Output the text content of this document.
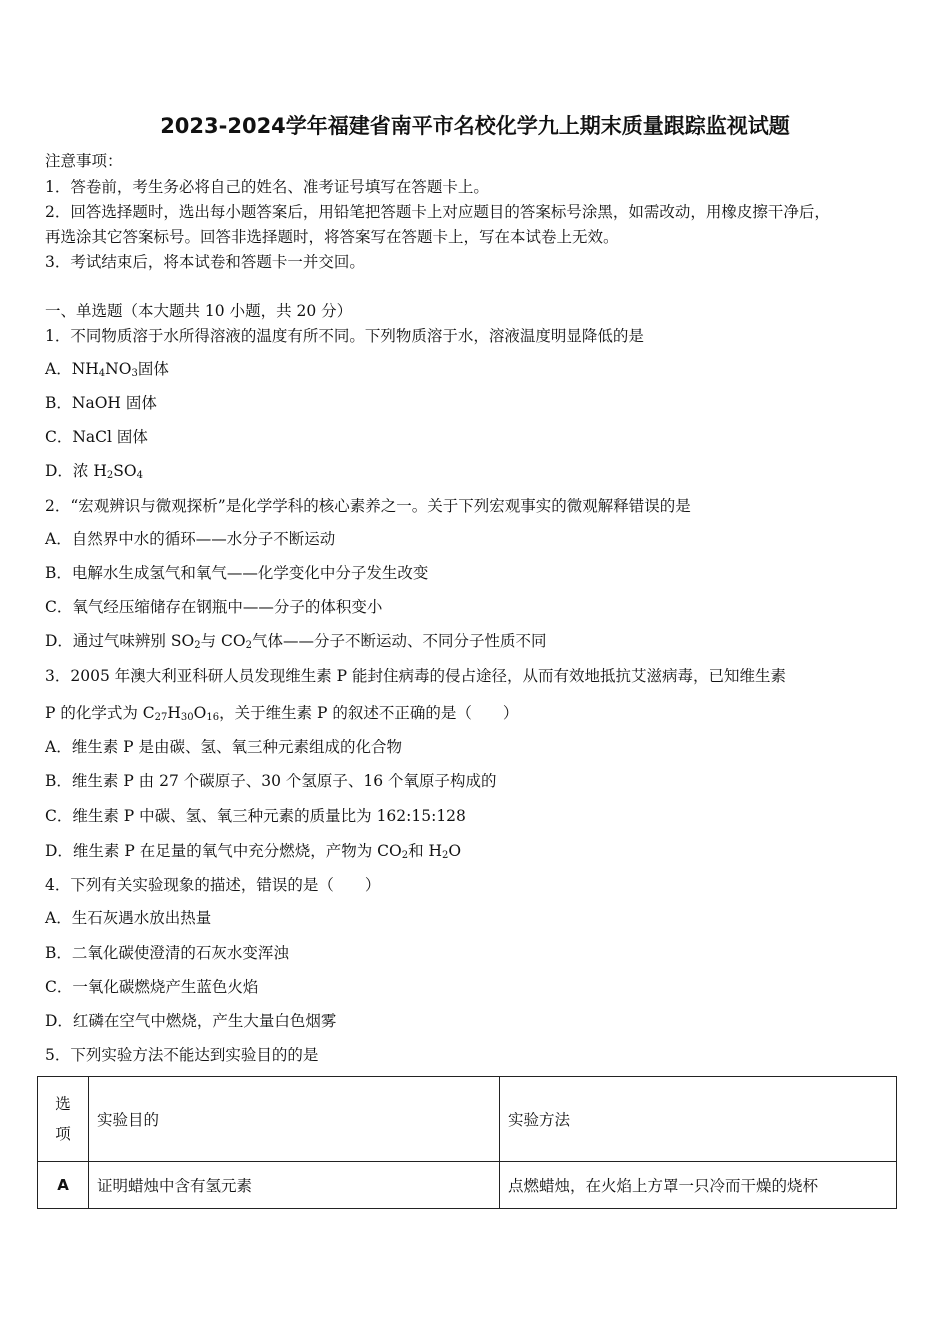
2023-2024学年福建省南平市名校化学九上期末质量跟踪监视试题
注意事项：
1．答卷前，考生务必将自己的姓名、准考证号填写在答题卡上。
2．回答选择题时，选出每小题答案后，用铅笔把答题卡上对应题目的答案标号涂黑，如需改动，用橡皮擦干净后，
再选涂其它答案标号。回答非选择题时，将答案写在答题卡上，写在本试卷上无效。
3．考试结束后，将本试卷和答题卡一并交回。
一、单选题（本大题共 10 小题，共 20 分）
1．不同物质溶于水所得溶液的温度有所不同。下列物质溶于水，溶液温度明显降低的是
A．$NH_4NO_3$固体
B．NaOH 固体
C．NaCl 固体
D．浓 $H_2SO_4$
2．“宏观辨识与微观探析”是化学学科的核心素养之一。关于下列宏观事实的微观解释错误的是
A．自然界中水的循环——水分子不断运动
B．电解水生成氢气和氧气——化学变化中分子发生改变
C．氧气经压缩储存在钢瓶中——分子的体积变小
D．通过气味辨别 $SO_2$与 $CO_2$气体——分子不断运动、不同分子性质不同
3．2005 年澳大利亚科研人员发现维生素 P 能封住病毒的侵占途径，从而有效地抵抗艾滋病毒，已知维生素
P 的化学式为 $C_{27}H_{30}O_{16}$，关于维生素 P 的叙述不正确的是（　　）
A．维生素 P 是由碳、氢、氧三种元素组成的化合物
B．维生素 P 由 27 个碳原子、30 个氢原子、16 个氧原子构成的
C．维生素 P 中碳、氢、氧三种元素的质量比为 162:15:128
D．维生素 P 在足量的氧气中充分燃烧，产物为 $CO_2$和 $H_2O$
4．下列有关实验现象的描述，错误的是（　　）
A．生石灰遇水放出热量
B．二氧化碳使澄清的石灰水变浑浊
C．一氧化碳燃烧产生蓝色火焰
D．红磷在空气中燃烧，产生大量白色烟雾
5．下列实验方法不能达到实验目的的是
选
项	实验目的	实验方法
A	证明蜡烛中含有氢元素	点燃蜡烛，在火焰上方罩一只冷而干燥的烧杯
